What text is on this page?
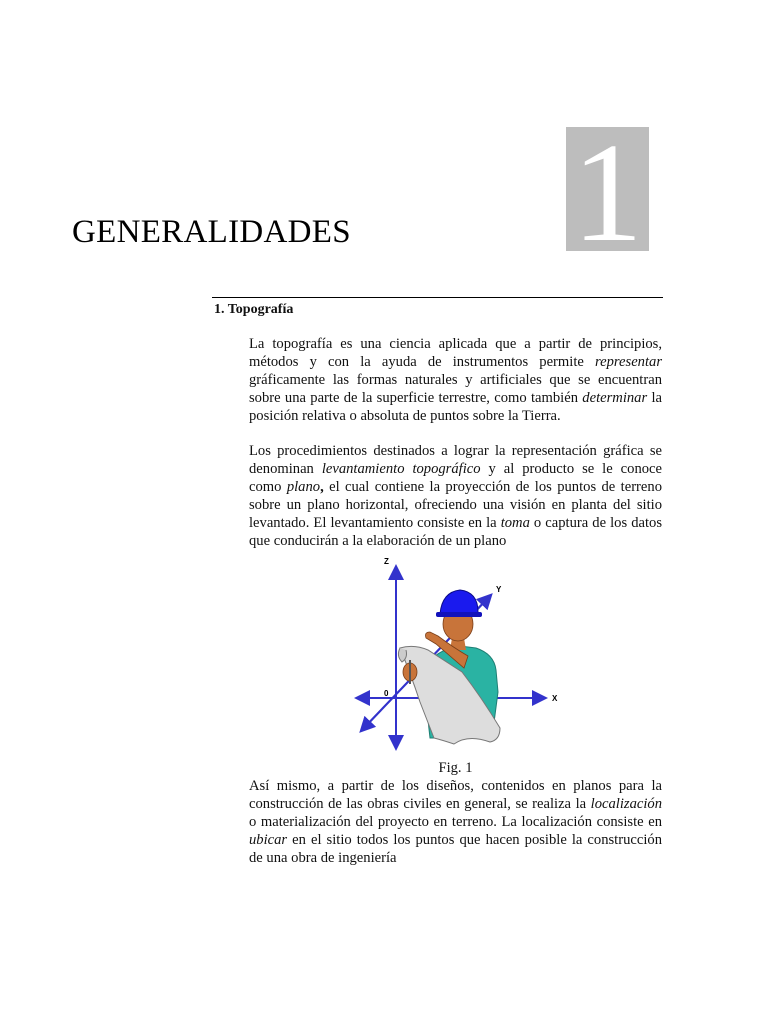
1
GENERALIDADES
1. Topografía

La topografía es una ciencia aplicada que a partir de principios, métodos y con la ayuda de instrumentos permite representar gráficamente las formas naturales y artificiales que se encuentran sobre una parte de la superficie terrestre, como también determinar la posición relativa o absoluta de puntos sobre la Tierra.

Los procedimientos destinados a lograr la representación gráfica se denominan levantamiento topográfico y al producto se le conoce como plano, el cual contiene la proyección de los puntos de terreno sobre un plano horizontal, ofreciendo una visión en planta del sitio levantado. El levantamiento consiste en la toma o captura de los datos que conducirán a la elaboración de un plano

Z
Y
X
0
Fig. 1

Así mismo, a partir de los diseños, contenidos en planos para la construcción de las obras civiles en general, se realiza la localización o materialización del proyecto en terreno. La localización consiste en ubicar en el sitio todos los puntos que hacen posible la construcción de una obra de ingeniería
